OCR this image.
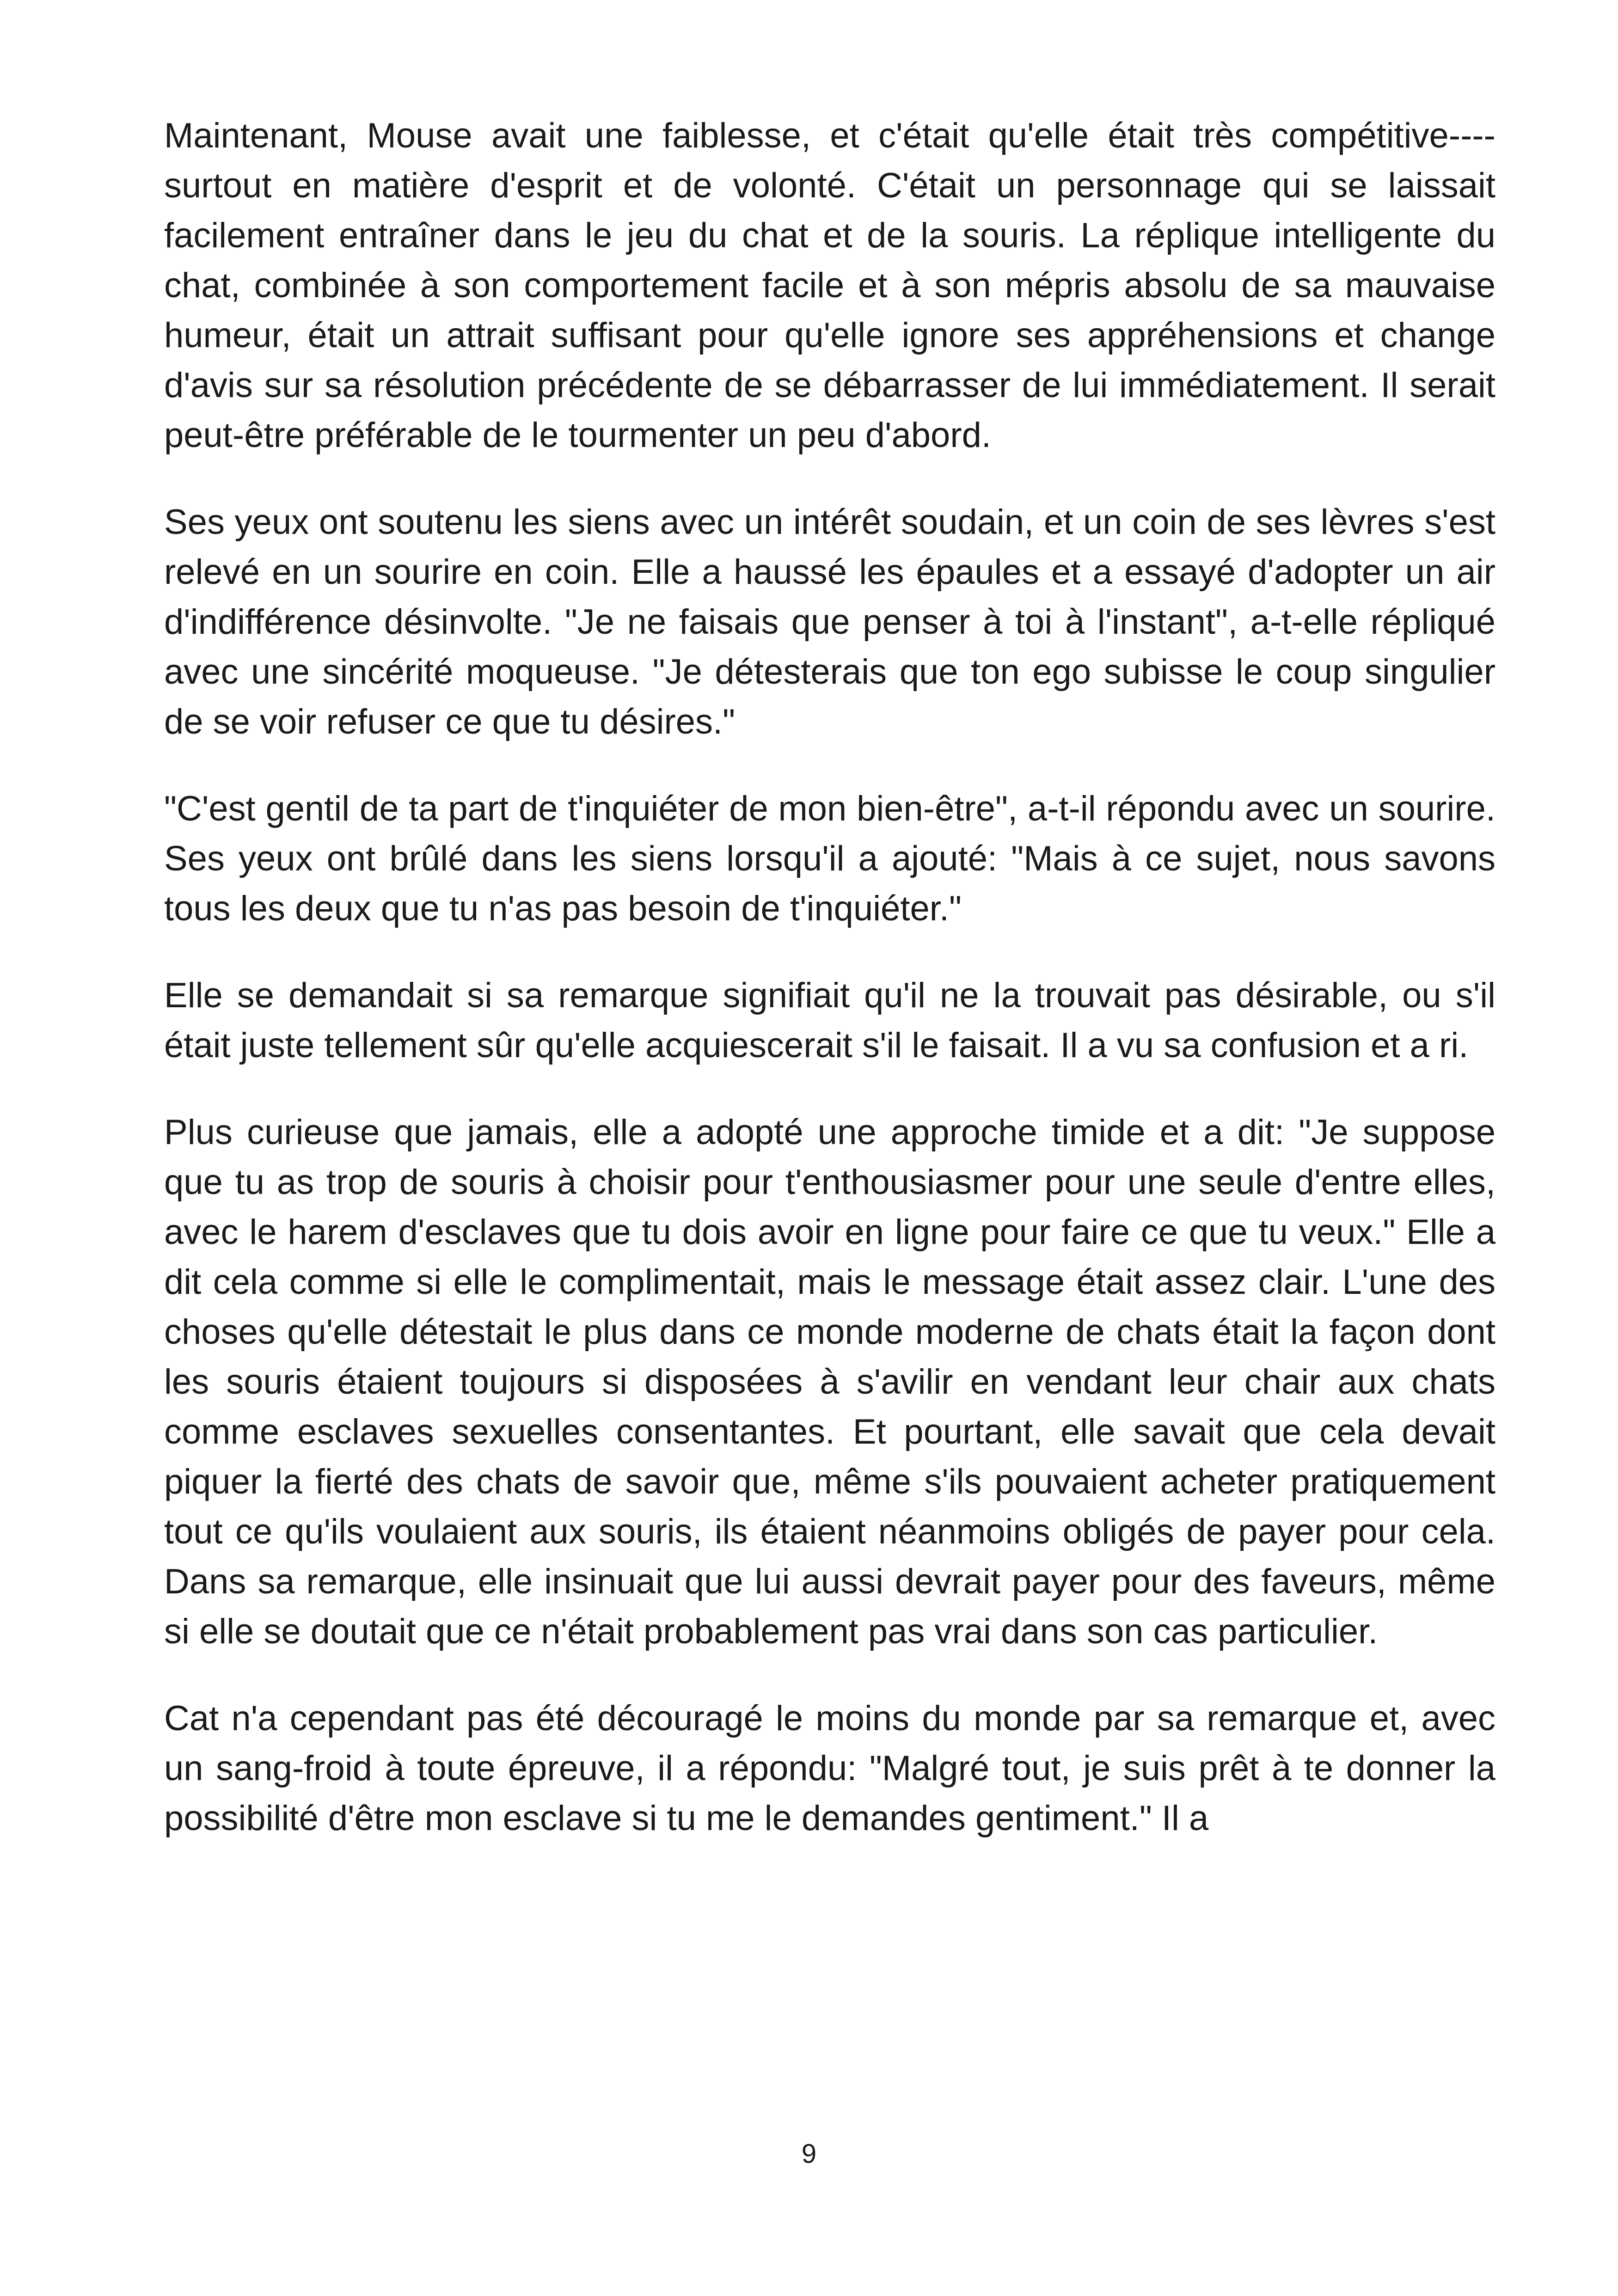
Maintenant, Mouse avait une faiblesse, et c'était qu'elle était très compétitive----surtout en matière d'esprit et de volonté. C'était un personnage qui se laissait facilement entraîner dans le jeu du chat et de la souris. La réplique intelligente du chat, combinée à son comportement facile et à son mépris absolu de sa mauvaise humeur, était un attrait suffisant pour qu'elle ignore ses appréhensions et change d'avis sur sa résolution précédente de se débarrasser de lui immédiatement. Il serait peut-être préférable de le tourmenter un peu d'abord.

Ses yeux ont soutenu les siens avec un intérêt soudain, et un coin de ses lèvres s'est relevé en un sourire en coin. Elle a haussé les épaules et a essayé d'adopter un air d'indifférence désinvolte. "Je ne faisais que penser à toi à l'instant", a-t-elle répliqué avec une sincérité moqueuse. "Je détesterais que ton ego subisse le coup singulier de se voir refuser ce que tu désires."

"C'est gentil de ta part de t'inquiéter de mon bien-être", a-t-il répondu avec un sourire. Ses yeux ont brûlé dans les siens lorsqu'il a ajouté: "Mais à ce sujet, nous savons tous les deux que tu n'as pas besoin de t'inquiéter."

Elle se demandait si sa remarque signifiait qu'il ne la trouvait pas désirable, ou s'il était juste tellement sûr qu'elle acquiescerait s'il le faisait. Il a vu sa confusion et a ri.

Plus curieuse que jamais, elle a adopté une approche timide et a dit: "Je suppose que tu as trop de souris à choisir pour t'enthousiasmer pour une seule d'entre elles, avec le harem d'esclaves que tu dois avoir en ligne pour faire ce que tu veux." Elle a dit cela comme si elle le complimentait, mais le message était assez clair. L'une des choses qu'elle détestait le plus dans ce monde moderne de chats était la façon dont les souris étaient toujours si disposées à s'avilir en vendant leur chair aux chats comme esclaves sexuelles consentantes. Et pourtant, elle savait que cela devait piquer la fierté des chats de savoir que, même s'ils pouvaient acheter pratiquement tout ce qu'ils voulaient aux souris, ils étaient néanmoins obligés de payer pour cela. Dans sa remarque, elle insinuait que lui aussi devrait payer pour des faveurs, même si elle se doutait que ce n'était probablement pas vrai dans son cas particulier.

Cat n'a cependant pas été découragé le moins du monde par sa remarque et, avec un sang-froid à toute épreuve, il a répondu: "Malgré tout, je suis prêt à te donner la possibilité d'être mon esclave si tu me le demandes gentiment." Il a

9
